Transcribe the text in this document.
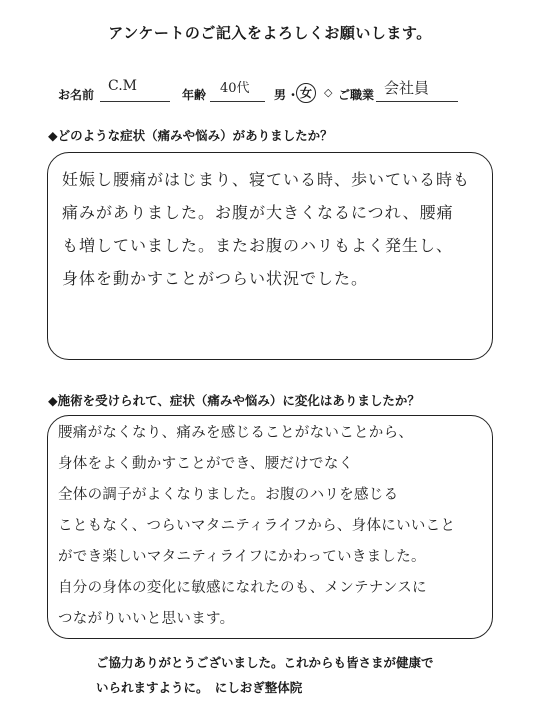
アンケートのご記入をよろしくお願いします。
お名前
C.M
年齢 40代 男 ・ 女	◇ ご職業 会社員
◆どのような症状（痛みや悩み）がありましたか？
妊娠し腰痛がはじまり、寝ている時、歩いている時も
痛みがありました。お腹が大きくなるにつれ、腰痛
も増していました。またお腹のハリもよく発生し、
身体を動かすことがつらい状況でした。
◆施術を受けられて、症状（痛みや悩み）に変化はありましたか？
腰痛がなくなり、痛みを感じることがないことから、
身体をよく動かすことができ、腰だけでなく
全体の調子がよくなりました。お腹のハリを感じる
こともなく、つらいマタニティライフから、身体にいいこと
ができ楽しいマタニティライフにかわっていきました。
自分の身体の変化に敏感になれたのも、メンテナンスに
つながりいいと思います。
ご協力ありがとうございました。これからも皆さまが健康で
いられますように。　にしおぎ整体院
